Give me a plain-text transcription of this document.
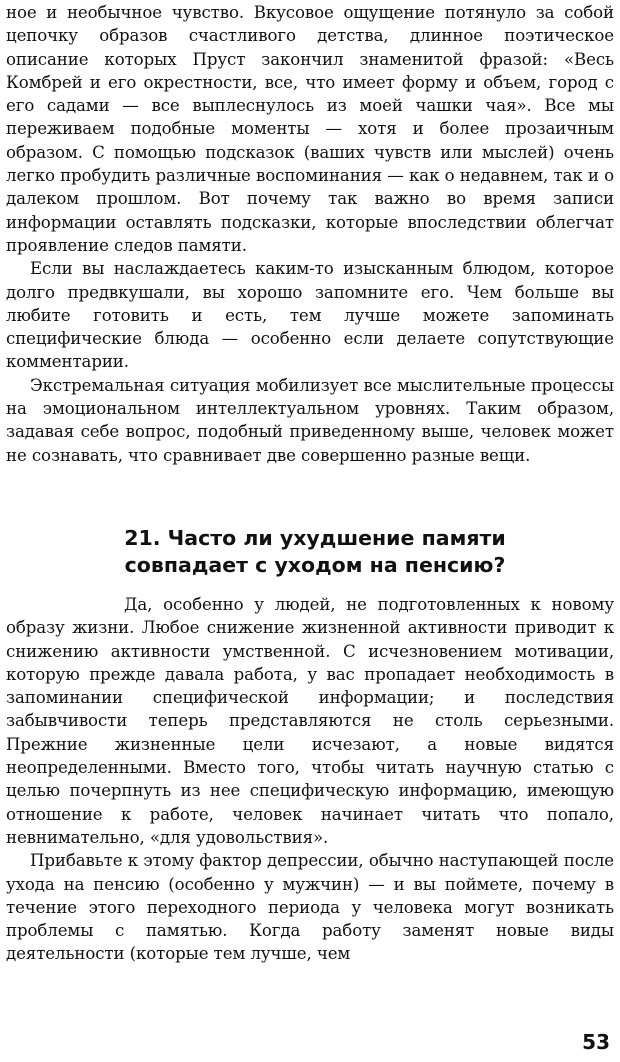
ное и необычное чувство. Вкусовое ощущение потянуло за собой цепочку образов счастливого детства, длинное поэтическое описание которых Пруст закончил знаменитой фразой: «Весь Комбрей и его окрестности, все, что имеет форму и объем, город с его садами — все выплеснулось из моей чашки чая». Все мы переживаем подобные моменты — хотя и более прозаичным образом. С помощью подсказок (ваших чувств или мыслей) очень легко пробудить различные воспоминания — как о недавнем, так и о далеком прошлом. Вот почему так важно во время записи информации оставлять подсказки, которые впоследствии облегчат проявление следов памяти.

Если вы наслаждаетесь каким-то изысканным блюдом, которое долго предвкушали, вы хорошо запомните его. Чем больше вы любите готовить и есть, тем лучше можете запоминать специфические блюда — особенно если делаете сопутствующие комментарии.

Экстремальная ситуация мобилизует все мыслительные процессы на эмоциональном интеллектуальном уровнях. Таким образом, задавая себе вопрос, подобный приведенному выше, человек может не сознавать, что сравнивает две совершенно разные вещи.

21. Часто ли ухудшение памяти
совпадает с уходом на пенсию?

Да, особенно у людей, не подготовленных к новому образу жизни. Любое снижение жизненной активности приводит к снижению активности умственной. С исчезновением мотивации, которую прежде давала работа, у вас пропадает необходимость в запоминании специфической информации; и последствия забывчивости теперь представляются не столь серьезными. Прежние жизненные цели исчезают, а новые видятся неопределенными. Вместо того, чтобы читать научную статью с целью почерпнуть из нее специфическую информацию, имеющую отношение к работе, человек начинает читать что попало, невнимательно, «для удовольствия».

Прибавьте к этому фактор депрессии, обычно наступающей после ухода на пенсию (особенно у мужчин) — и вы поймете, почему в течение этого переходного периода у человека могут возникать проблемы с памятью. Когда работу заменят новые виды деятельности (которые тем лучше, чем

53
